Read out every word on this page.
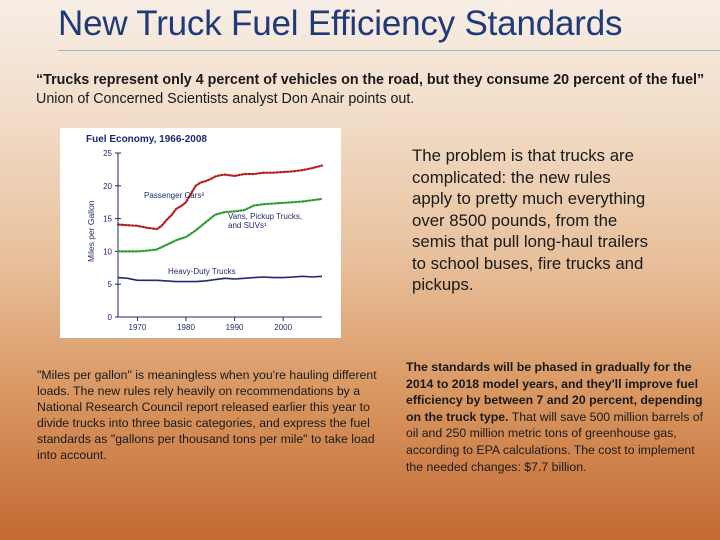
New Truck Fuel Efficiency Standards
“Trucks represent only 4 percent of vehicles on the road, but they consume 20 percent of the fuel” Union of Concerned Scientists analyst Don Anair points out.
Fuel Economy, 1966-2008
Miles per Gallon
0
5
10
15
20
25
1970	1980	1990	2000
Passenger Cars²
Vans, Pickup Trucks, and SUVs¹
Heavy-Duty Trucks
The problem is that trucks are complicated: the new rules apply to pretty much everything over 8500 pounds, from the semis that pull long-haul trailers to school buses, fire trucks and pickups.
"Miles per gallon" is meaningless when you're hauling different loads. The new rules rely heavily on recommendations by a National Research Council report released earlier this year to divide trucks into three basic categories, and express the fuel standards as "gallons per thousand tons per mile" to take load into account.
The standards will be phased in gradually for the 2014 to 2018 model years, and they'll improve fuel efficiency by between 7 and 20 percent, depending on the truck type. That will save 500 million barrels of oil and 250 million metric tons of greenhouse gas, according to EPA calculations. The cost to implement the needed changes: $7.7 billion.
